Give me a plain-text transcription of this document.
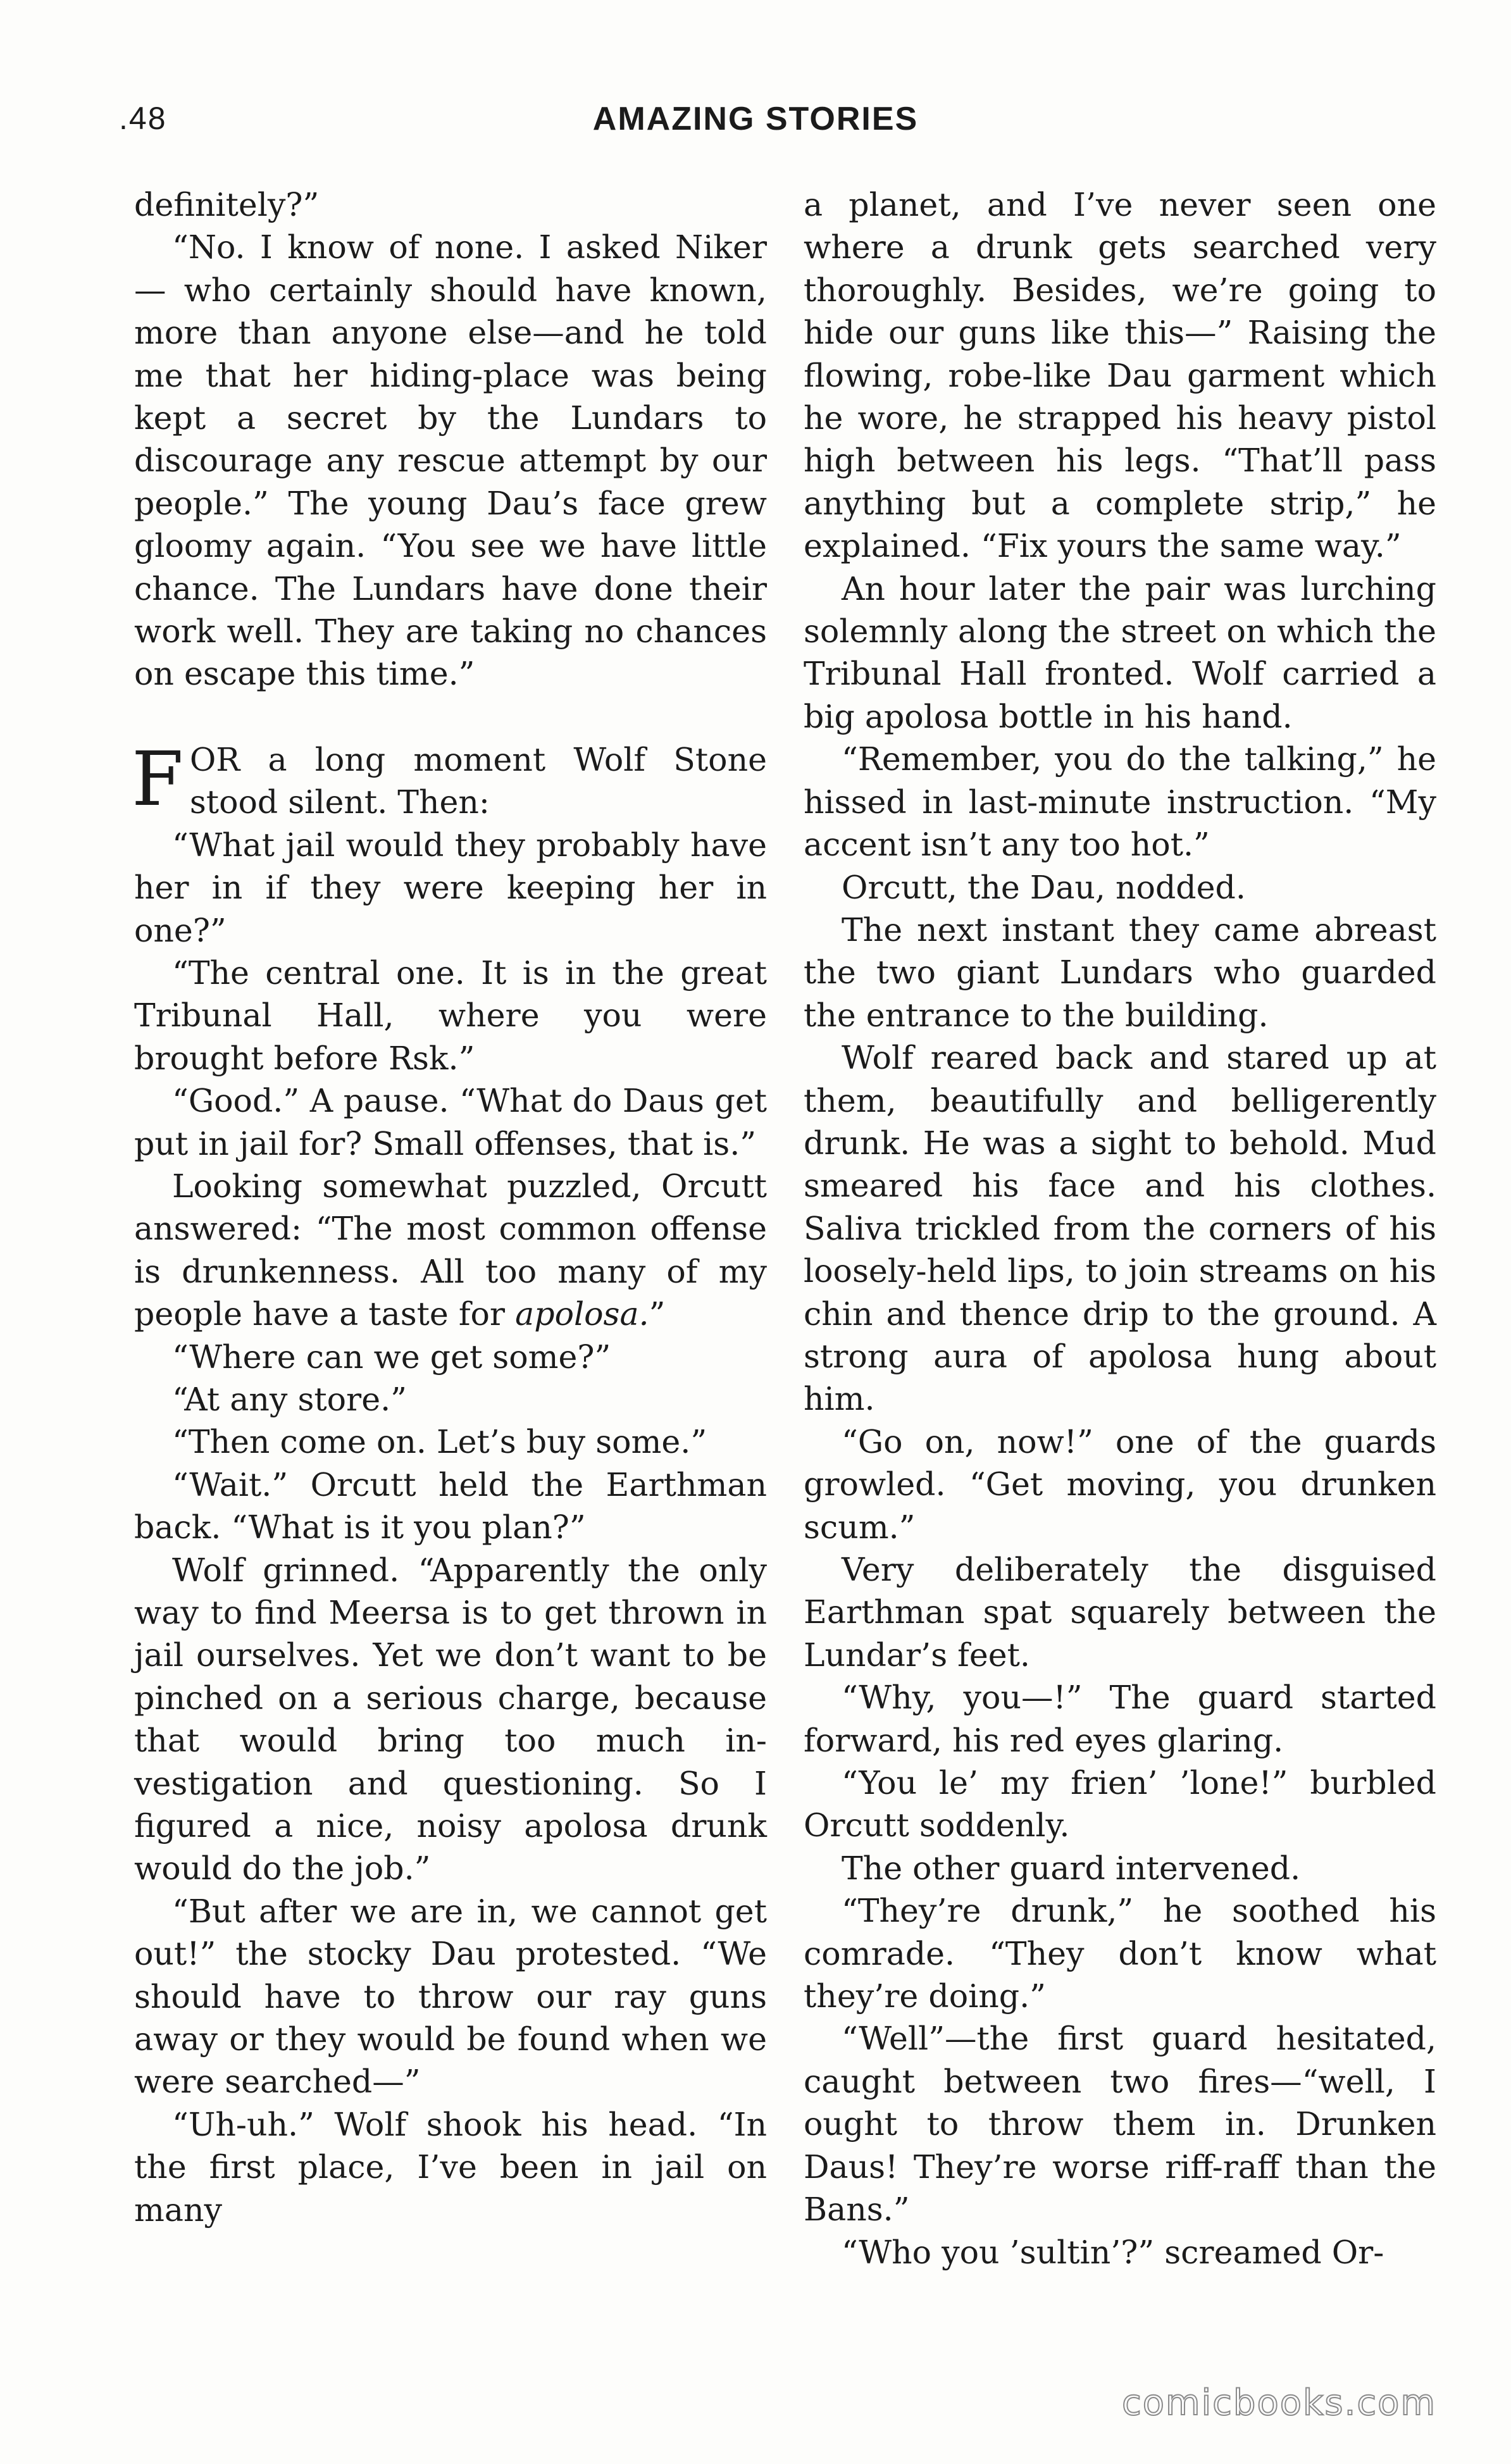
.48	AMAZING STORIES

definitely?”

“No. I know of none. I asked Niker — who certainly should have known, more than anyone else—and he told me that her hiding-place was being kept a secret by the Lundars to discourage any rescue attempt by our people.” The young Dau’s face grew gloomy again. “You see we have little chance. The Lundars have done their work well. They are taking no chances on escape this time.”

FOR a long moment Wolf Stone stood silent. Then:

“What jail would they probably have her in if they were keeping her in one?”

“The central one. It is in the great Tribunal Hall, where you were brought before Rsk.”

“Good.” A pause. “What do Daus get put in jail for? Small offenses, that is.”

Looking somewhat puzzled, Orcutt answered: “The most common offense is drunkenness. All too many of my people have a taste for apolosa.”

“Where can we get some?”

“At any store.”

“Then come on. Let’s buy some.”

“Wait.” Orcutt held the Earthman back. “What is it you plan?”

Wolf grinned. “Apparently the only way to find Meersa is to get thrown in jail ourselves. Yet we don’t want to be pinched on a serious charge, because that would bring too much investigation and questioning. So I figured a nice, noisy apolosa drunk would do the job.”

“But after we are in, we cannot get out!” the stocky Dau protested. “We should have to throw our ray guns away or they would be found when we were searched—”

“Uh-uh.” Wolf shook his head. “In the first place, I’ve been in jail on many

a planet, and I’ve never seen one where a drunk gets searched very thoroughly. Besides, we’re going to hide our guns like this—” Raising the flowing, robe-like Dau garment which he wore, he strapped his heavy pistol high between his legs. “That’ll pass anything but a complete strip,” he explained. “Fix yours the same way.”

An hour later the pair was lurching solemnly along the street on which the Tribunal Hall fronted. Wolf carried a big apolosa bottle in his hand.

“Remember, you do the talking,” he hissed in last-minute instruction. “My accent isn’t any too hot.”

Orcutt, the Dau, nodded.

The next instant they came abreast the two giant Lundars who guarded the entrance to the building.

Wolf reared back and stared up at them, beautifully and belligerently drunk. He was a sight to behold. Mud smeared his face and his clothes. Saliva trickled from the corners of his loosely-held lips, to join streams on his chin and thence drip to the ground. A strong aura of apolosa hung about him.

“Go on, now!” one of the guards growled. “Get moving, you drunken scum.”

Very deliberately the disguised Earthman spat squarely between the Lundar’s feet.

“Why, you—!” The guard started forward, his red eyes glaring.

“You le’ my frien’ ’lone!” burbled Orcutt soddenly.

The other guard intervened.

“They’re drunk,” he soothed his comrade. “They don’t know what they’re doing.”

“Well”—the first guard hesitated, caught between two fires—“well, I ought to throw them in. Drunken Daus! They’re worse riff-raff than the Bans.”

“Who you ’sultin’?” screamed Or-

comicbooks.com
